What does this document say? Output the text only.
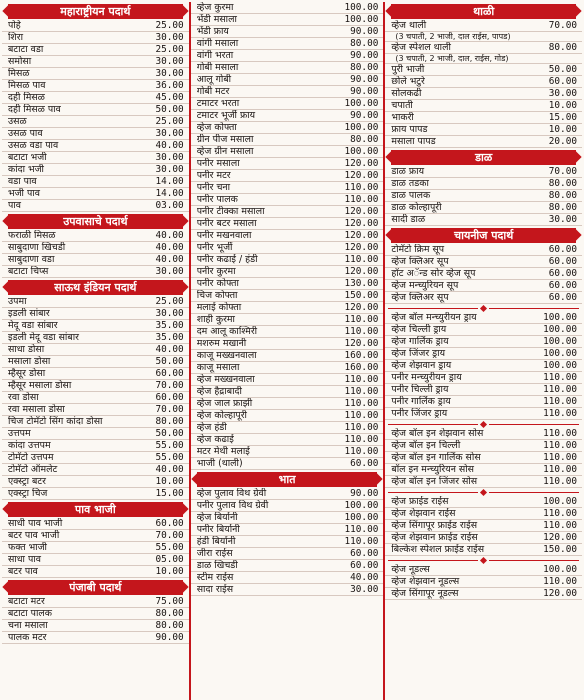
महाराष्ट्रीयन पदार्थ
पोहे	25.00
शिरा	30.00
बटाटा वडा	25.00
समोसा	30.00
मिसळ	30.00
मिसळ पाव	36.00
दही मिसळ	45.00
दही मिसळ पाव	50.00
उसळ	25.00
उसळ पाव	30.00
उसळ वडा पाव	40.00
बटाटा भजी	30.00
कांदा भजी	30.00
वडा पाव	14.00
भजी पाव	14.00
पाव	03.00
उपवासाचे पदार्थ
फराळी मिसळ	40.00
साबुदाणा खिचडी	40.00
साबुदाणा वडा	40.00
बटाटा चिप्स	30.00
साऊथ इंडियन पदार्थ
उपमा	25.00
इडली सांबार	30.00
मेदू वडा सांबार	35.00
इडली मेदू वडा सांबार	35.00
साधा डोसा	40.00
मसाला डोसा	50.00
म्हैसूर डोसा	60.00
म्हैसूर मसाला डोसा	70.00
रवा डोसा	60.00
रवा मसाला डोसा	70.00
चिज टोमॅटो सिंग कांदा डोसा	80.00
उत्तपम	50.00
कांदा उत्तपम	55.00
टोमॅटो उत्तपम	55.00
टोमॅटो ऑमलेट	40.00
एक्स्ट्रा बटर	10.00
एक्स्ट्रा चिज	15.00
पाव भाजी
साधी पाव भाजी	60.00
बटर पाव भाजी	70.00
फक्त भाजी	55.00
साधा पाव	05.00
बटर पाव	10.00
पंजाबी पदार्थ
बटाटा मटर	75.00
बटाटा पालक	80.00
चना मसाला	80.00
पालक मटर	90.00
व्हेज कुरमा	100.00
भेंडी मसाला	100.00
भेंडी फ्राय	90.00
वांगी मसाला	80.00
वांगी भरता	90.00
गोबी मसाला	80.00
आलू गोबी	90.00
गोबी मटर	90.00
टमाटर भरता	100.00
टमाटर भूर्जी फ्राय	90.00
व्हेज कोफ्ता	100.00
ग्रीन पीज मसाला	80.00
व्हेज ग्रीन मसाला	100.00
पनीर मसाला	120.00
पनीर मटर	120.00
पनीर चना	110.00
पनीर पालक	110.00
पनीर टीक्का मसाला	120.00
पनीर बटर मसाला	120.00
पनीर मखनवाला	120.00
पनीर भूर्जी	120.00
पनीर कढाई / हंडी	110.00
पनीर कुरमा	120.00
पनीर कोफ्ता	130.00
चिज कोफ्ता	150.00
मलाई कोफ्ता	120.00
शाही कुरमा	110.00
दम आलू काश्मिरी	110.00
मशरुम मखानी	120.00
काजू मख्खनवाला	160.00
काजू मसाला	160.00
व्हेज मख्खनवाला	110.00
व्हेज हैद्राबादी	110.00
व्हेज जाल फ्राझी	110.00
व्हेज कोल्हापूरी	110.00
व्हेज हंडी	110.00
व्हेज कढाई	110.00
मटर मेथी मलाई	110.00
भाजी (थाली)	60.00
भात
व्हेज पुलाव विथ ग्रेवी	90.00
पनीर पुलाव विथ ग्रेवी	100.00
व्हेज बिर्यानी	100.00
पनीर बिर्यानी	110.00
हंडी बिर्यानी	110.00
जीरा राईस	60.00
डाळ खिचडी	60.00
स्टीम राईस	40.00
सादा राईस	30.00
थाळी
व्हेज थाली	70.00
(3 चपाती, 2 भाजी, दाल राईस, पापड)
व्हेज स्पेशल थाली	80.00
(3 चपाती, 2 भाजी, दाल, राईस, गोड)
पुरी भाजी	50.00
छोले भटुरे	60.00
सोलकढी	30.00
चपाती	10.00
भाकरी	15.00
फ्राय पापड	10.00
मसाला पापड	20.00
डाळ
डाळ फ्राय	70.00
डाळ तडका	80.00
डाळ पालक	80.00
डाळ कोल्हापूरी	80.00
सादी डाळ	30.00
चायनीज पदार्थ
टोमॅटो क्रिम सूप	60.00
व्हेज क्लिअर सूप	60.00
हॉट अॅन्ड सोर व्हेज सूप	60.00
व्हेज मन्च्युरियन सूप	60.00
व्हेज क्लिअर सूप	60.00
व्हेज बॉल मन्च्युरीयन ड्राय	100.00
व्हेज चिल्ली ड्राय	100.00
व्हेज गार्लिक ड्राय	100.00
व्हेज जिंजर ड्राय	100.00
व्हेज शेझवान ड्राय	100.00
पनीर मन्च्युरीयन ड्राय	110.00
पनीर चिल्ली ड्राय	110.00
पनीर गार्लिक ड्राय	110.00
पनीर जिंजर ड्राय	110.00
व्हेज बॉल इन शेझवान सोस	110.00
व्हेज बॉल इन चिल्ली	110.00
व्हेज बॉल इन गार्लिक सोस	110.00
बॉल इन मन्च्युरियन सोस	110.00
व्हेज बॉल इन जिंजर सोस	110.00
व्हेज फ्राईड राईस	100.00
व्हेज शेझवान राईस	110.00
व्हेज सिंगापूर फ्राईड राईस	110.00
व्हेज शेझवान फ्राईड राईस	120.00
बिल्केश स्पेशल फ्राईड राईस	150.00
व्हेज नूडल्स	100.00
व्हेज शेझवान नूडल्स	110.00
व्हेज सिंगापूर नूडल्स	120.00
